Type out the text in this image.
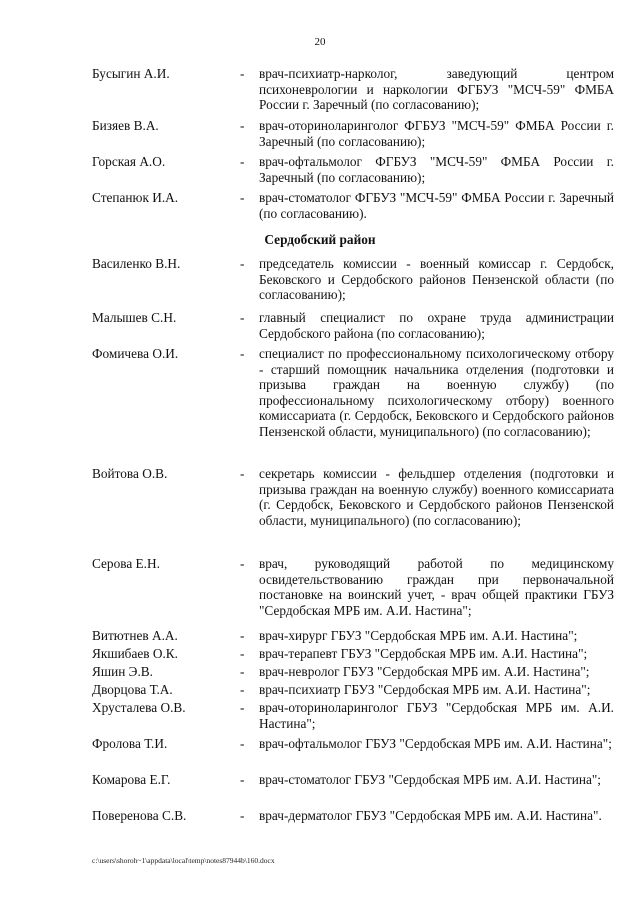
20
Бусыгин А.И.	- врач-психиатр-нарколог, заведующий центром психоневрологии и наркологии ФГБУЗ "МСЧ-59" ФМБА России г. Заречный (по согласованию);
Бизяев В.А.	- врач-оториноларинголог ФГБУЗ "МСЧ-59" ФМБА России г. Заречный (по согласованию);
Горская А.О.	- врач-офтальмолог ФГБУЗ "МСЧ-59" ФМБА России г. Заречный (по согласованию);
Степанюк И.А.	- врач-стоматолог ФГБУЗ "МСЧ-59" ФМБА России г. Заречный (по согласованию).
Сердобский район
Василенко В.Н.	- председатель комиссии - военный комиссар г. Сердобск, Бековского и Сердобского районов Пензенской области (по согласованию);
Малышев С.Н.	- главный специалист по охране труда администрации Сердобского района (по согласованию);
Фомичева О.И.	- специалист по профессиональному психологическому отбору - старший помощник начальника отделения (подготовки и призыва граждан на военную службу) (по профессиональному психологическому отбору) военного комиссариата (г. Сердобск, Бековского и Сердобского районов Пензенской области, муниципального) (по согласованию);
Войтова О.В.	- секретарь комиссии - фельдшер отделения (подготовки и призыва граждан на военную службу) военного комиссариата (г. Сердобск, Бековского и Сердобского районов Пензенской области, муниципального) (по согласованию);
Серова Е.Н.	- врач, руководящий работой по медицинскому освидетельствованию граждан при первоначальной постановке на воинский учет, - врач общей практики ГБУЗ "Сердобская МРБ им. А.И. Настина";
Витютнев А.А.	- врач-хирург ГБУЗ "Сердобская МРБ им. А.И. Настина";
Якшибаев О.К.	- врач-терапевт ГБУЗ "Сердобская МРБ им. А.И. Настина";
Яшин Э.В.	- врач-невролог ГБУЗ "Сердобская МРБ им. А.И. Настина";
Дворцова Т.А.	- врач-психиатр ГБУЗ "Сердобская МРБ им. А.И. Настина";
Хрусталева О.В.	- врач-оториноларинголог ГБУЗ "Сердобская МРБ им. А.И. Настина";
Фролова Т.И.	- врач-офтальмолог ГБУЗ "Сердобская МРБ им. А.И. Настина";
Комарова Е.Г.	- врач-стоматолог ГБУЗ "Сердобская МРБ им. А.И. Настина";
Поверенова С.В.	- врач-дерматолог ГБУЗ "Сердобская МРБ им. А.И. Настина".
c:\users\shoroh~1\appdata\local\temp\notes87944b\160.docx
